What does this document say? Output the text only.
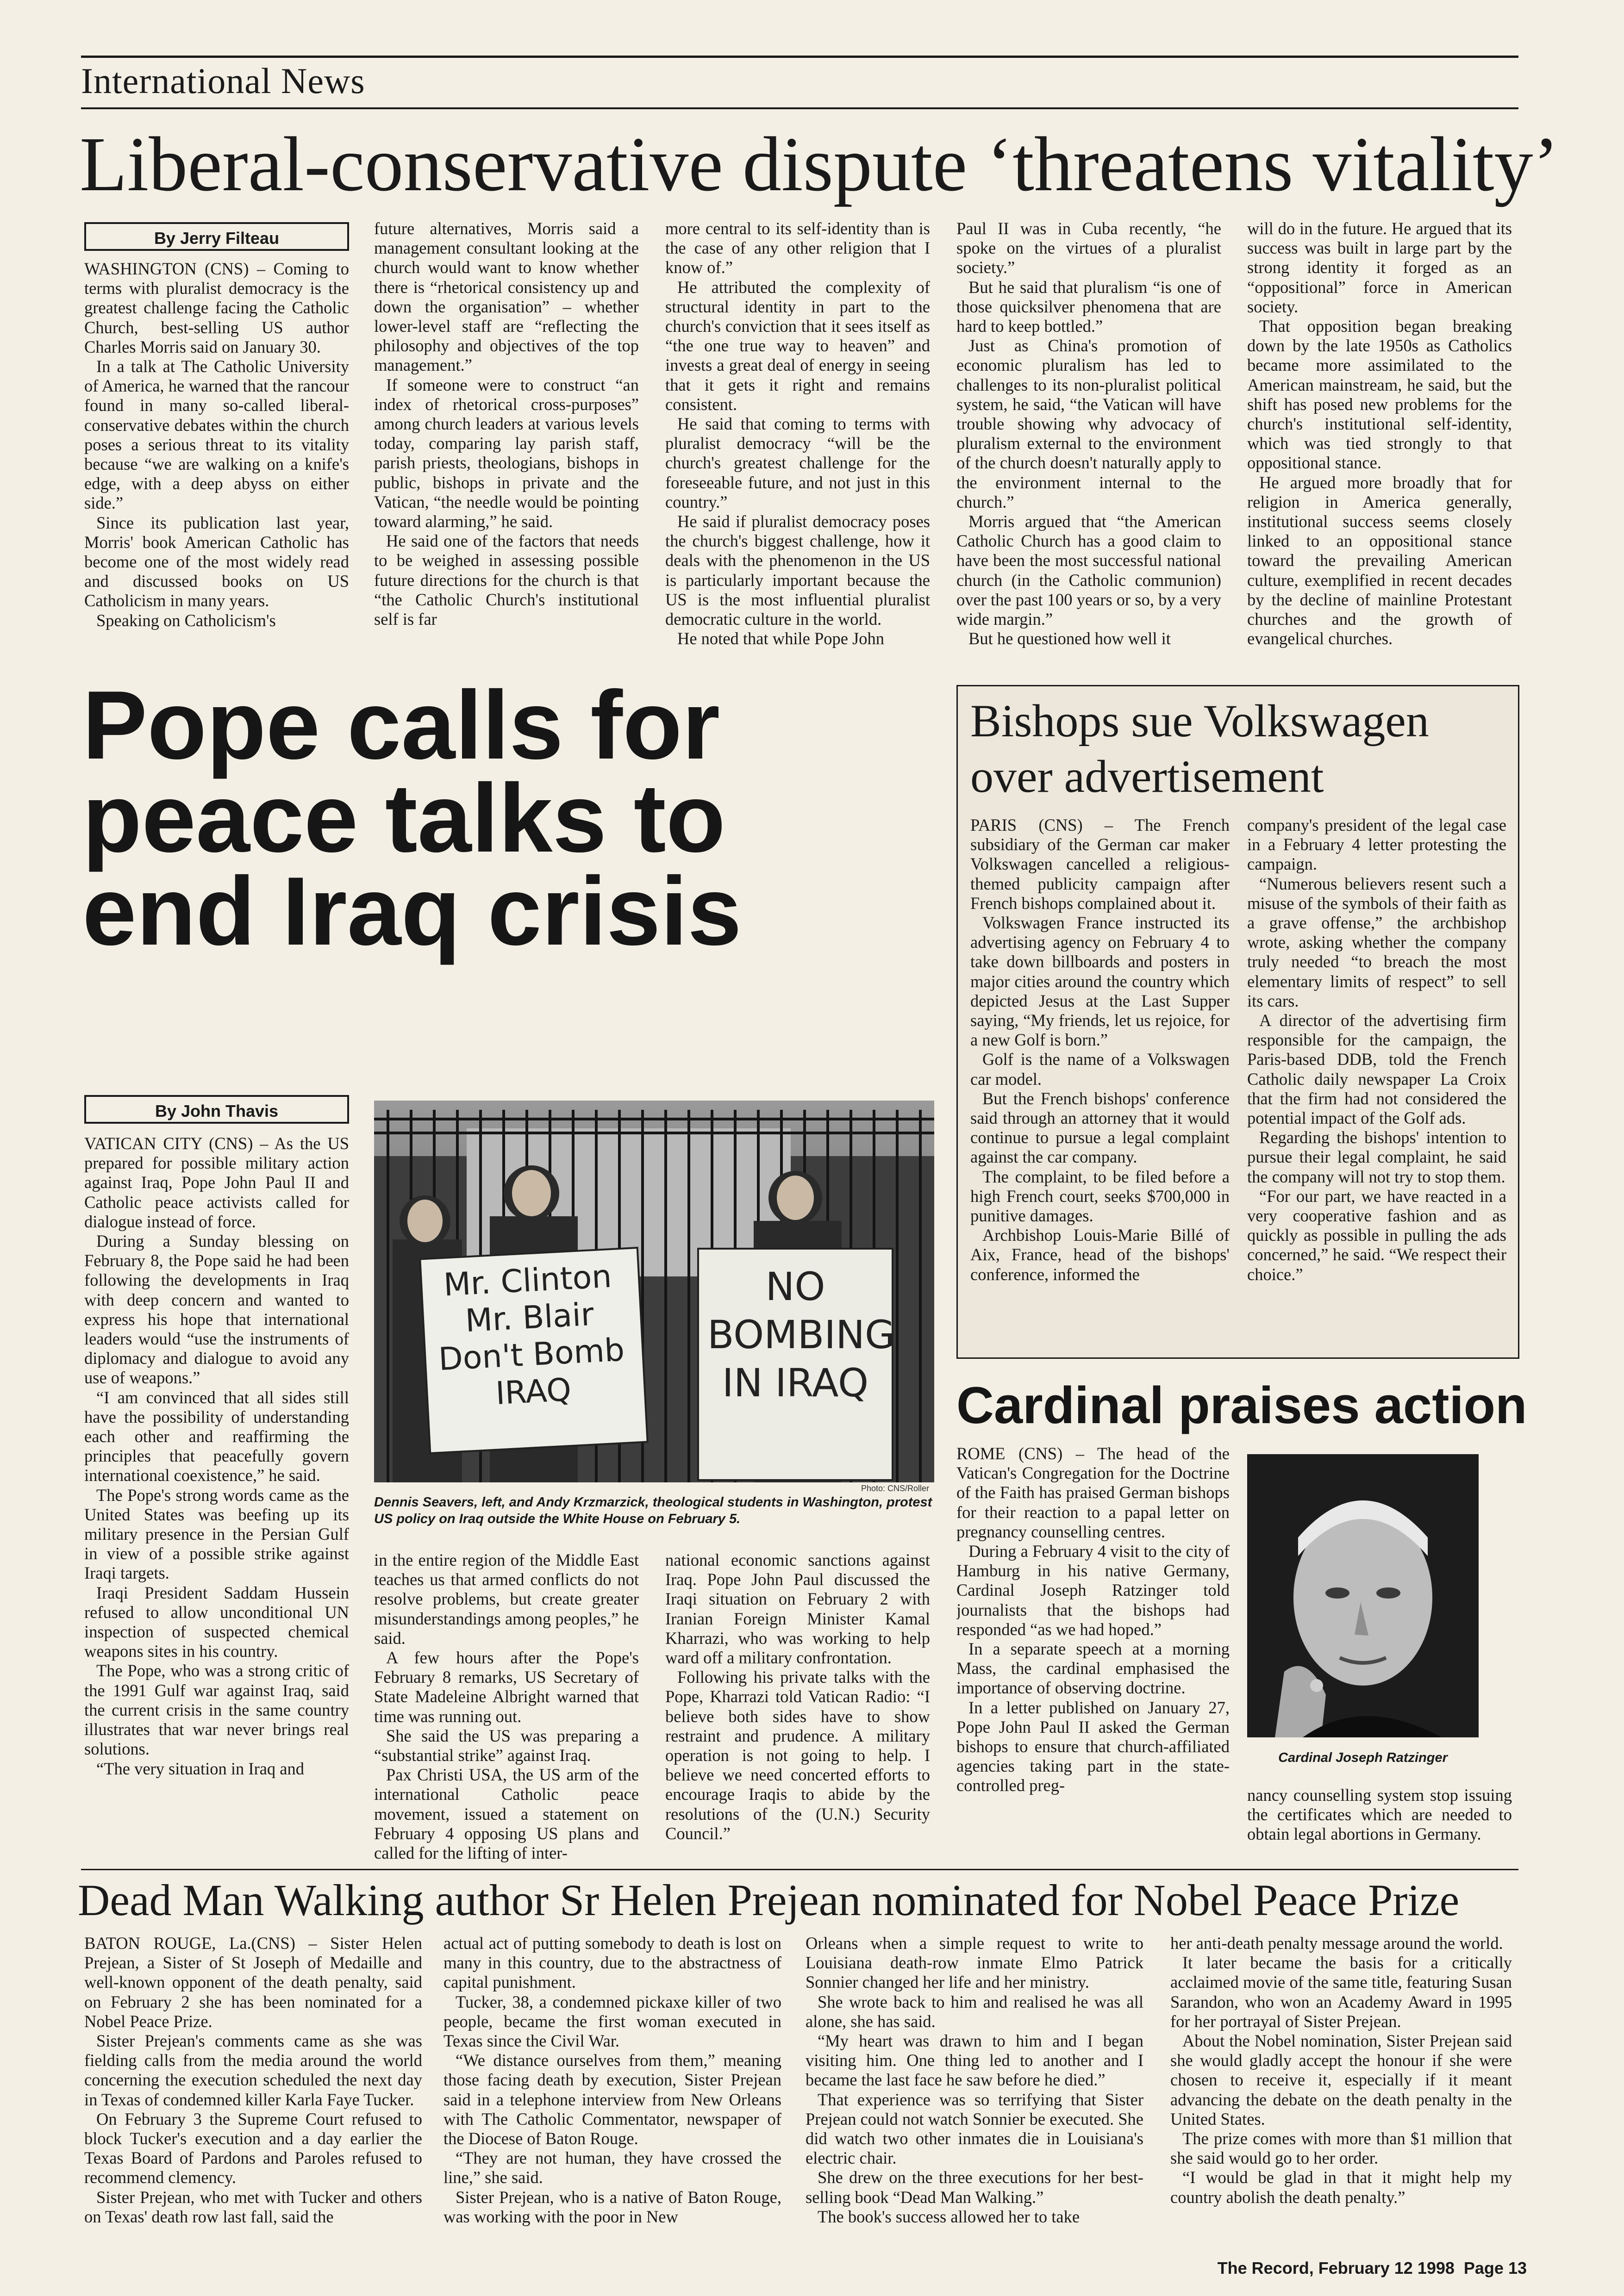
International News
Liberal-conservative dispute ‘threatens vitality’
By Jerry Filteau

WASHINGTON (CNS) – Coming to terms with pluralist democracy is the greatest challenge facing the Catholic Church, best-selling US author Charles Morris said on January 30.

In a talk at The Catholic University of America, he warned that the rancour found in many so-called liberal-conservative debates within the church poses a serious threat to its vitality because “we are walking on a knife's edge, with a deep abyss on either side.”

Since its publication last year, Morris' book American Catholic has become one of the most widely read and discussed books on US Catholicism in many years.

Speaking on Catholicism's

future alternatives, Morris said a management consultant looking at the church would want to know whether there is “rhetorical consistency up and down the organisation” – whether lower-level staff are “reflecting the philosophy and objectives of the top management.”

If someone were to construct “an index of rhetorical cross-purposes” among church leaders at various levels today, comparing lay parish staff, parish priests, theologians, bishops in public, bishops in private and the Vatican, “the needle would be pointing toward alarming,” he said.

He said one of the factors that needs to be weighed in assessing possible future directions for the church is that “the Catholic Church's institutional self is far

more central to its self-identity than is the case of any other religion that I know of.”

He attributed the complexity of structural identity in part to the church's conviction that it sees itself as “the one true way to heaven” and invests a great deal of energy in seeing that it gets it right and remains consistent.

He said that coming to terms with pluralist democracy “will be the church's greatest challenge for the foreseeable future, and not just in this country.”

He said if pluralist democracy poses the church's biggest challenge, how it deals with the phenomenon in the US is particularly important because the US is the most influential pluralist democratic culture in the world.

He noted that while Pope John

Paul II was in Cuba recently, “he spoke on the virtues of a pluralist society.”

But he said that pluralism “is one of those quicksilver phenomena that are hard to keep bottled.”

Just as China's promotion of economic pluralism has led to challenges to its non-pluralist political system, he said, “the Vatican will have trouble showing why advocacy of pluralism external to the environment of the church doesn't naturally apply to the environment internal to the church.”

Morris argued that “the American Catholic Church has a good claim to have been the most successful national church (in the Catholic communion) over the past 100 years or so, by a very wide margin.”

But he questioned how well it

will do in the future. He argued that its success was built in large part by the strong identity it forged as an “oppositional” force in American society.

That opposition began breaking down by the late 1950s as Catholics became more assimilated to the American mainstream, he said, but the shift has posed new problems for the church's institutional self-identity, which was tied strongly to that oppositional stance.

He argued more broadly that for religion in America generally, institutional success seems closely linked to an oppositional stance toward the prevailing American culture, exemplified in recent decades by the decline of mainline Protestant churches and the growth of evangelical churches.

Pope calls for
peace talks to
end Iraq crisis
By John Thavis

VATICAN CITY (CNS) – As the US prepared for possible military action against Iraq, Pope John Paul II and Catholic peace activists called for dialogue instead of force.

During a Sunday blessing on February 8, the Pope said he had been following the developments in Iraq with deep concern and wanted to express his hope that international leaders would “use the instruments of diplomacy and dialogue to avoid any use of weapons.”

“I am convinced that all sides still have the possibility of understanding each other and reaffirming the principles that peacefully govern international coexistence,” he said.

The Pope's strong words came as the United States was beefing up its military presence in the Persian Gulf in view of a possible strike against Iraqi targets.

Iraqi President Saddam Hussein refused to allow unconditional UN inspection of suspected chemical weapons sites in his country.

The Pope, who was a strong critic of the 1991 Gulf war against Iraq, said the current crisis in the same country illustrates that war never brings real solutions.

“The very situation in Iraq and

Mr. Clinton Mr. Blair Don't Bomb IRAQ
NO BOMBING IN IRAQ
Photo: CNS/Roller
Dennis Seavers, left, and Andy Krzmarzick, theological students in Washington, protest US policy on Iraq outside the White House on February 5.

in the entire region of the Middle East teaches us that armed conflicts do not resolve problems, but create greater misunderstandings among peoples,” he said.

A few hours after the Pope's February 8 remarks, US Secretary of State Madeleine Albright warned that time was running out.

She said the US was preparing a “substantial strike” against Iraq.

Pax Christi USA, the US arm of the international Catholic peace movement, issued a statement on February 4 opposing US plans and called for the lifting of inter-

national economic sanctions against Iraq. Pope John Paul discussed the Iraqi situation on February 2 with Iranian Foreign Minister Kamal Kharrazi, who was working to help ward off a military confrontation.

Following his private talks with the Pope, Kharrazi told Vatican Radio: “I believe both sides have to show restraint and prudence. A military operation is not going to help. I believe we need concerted efforts to encourage Iraqis to abide by the resolutions of the (U.N.) Security Council.”

Bishops sue Volkswagen
over advertisement

PARIS (CNS) – The French subsidiary of the German car maker Volkswagen cancelled a religious-themed publicity campaign after French bishops complained about it.

Volkswagen France instructed its advertising agency on February 4 to take down billboards and posters in major cities around the country which depicted Jesus at the Last Supper saying, “My friends, let us rejoice, for a new Golf is born.”

Golf is the name of a Volkswagen car model.

But the French bishops' conference said through an attorney that it would continue to pursue a legal complaint against the car company.

The complaint, to be filed before a high French court, seeks $700,000 in punitive damages.

Archbishop Louis-Marie Billé of Aix, France, head of the bishops' conference, informed the

company's president of the legal case in a February 4 letter protesting the campaign.

“Numerous believers resent such a misuse of the symbols of their faith as a grave offense,” the archbishop wrote, asking whether the company truly needed “to breach the most elementary limits of respect” to sell its cars.

A director of the advertising firm responsible for the campaign, the Paris-based DDB, told the French Catholic daily newspaper La Croix that the firm had not considered the potential impact of the Golf ads.

Regarding the bishops' intention to pursue their legal complaint, he said the company will not try to stop them.

“For our part, we have reacted in a very cooperative fashion and as quickly as possible in pulling the ads concerned,” he said. “We respect their choice.”

Cardinal praises action

ROME (CNS) – The head of the Vatican's Congregation for the Doctrine of the Faith has praised German bishops for their reaction to a papal letter on pregnancy counselling centres.

During a February 4 visit to the city of Hamburg in his native Germany, Cardinal Joseph Ratzinger told journalists that the bishops had responded “as we had hoped.”

In a separate speech at a morning Mass, the cardinal emphasised the importance of observing doctrine.

In a letter published on January 27, Pope John Paul II asked the German bishops to ensure that church-affiliated agencies taking part in the state-controlled preg-

Cardinal Joseph Ratzinger

nancy counselling system stop issuing the certificates which are needed to obtain legal abortions in Germany.

Dead Man Walking author Sr Helen Prejean nominated for Nobel Peace Prize

BATON ROUGE, La.(CNS) – Sister Helen Prejean, a Sister of St Joseph of Medaille and well-known opponent of the death penalty, said on February 2 she has been nominated for a Nobel Peace Prize.

Sister Prejean's comments came as she was fielding calls from the media around the world concerning the execution scheduled the next day in Texas of condemned killer Karla Faye Tucker.

On February 3 the Supreme Court refused to block Tucker's execution and a day earlier the Texas Board of Pardons and Paroles refused to recommend clemency.

Sister Prejean, who met with Tucker and others on Texas' death row last fall, said the

actual act of putting somebody to death is lost on many in this country, due to the abstractness of capital punishment.

Tucker, 38, a condemned pickaxe killer of two people, became the first woman executed in Texas since the Civil War.

“We distance ourselves from them,” meaning those facing death by execution, Sister Prejean said in a telephone interview from New Orleans with The Catholic Commentator, newspaper of the Diocese of Baton Rouge.

“They are not human, they have crossed the line,” she said.

Sister Prejean, who is a native of Baton Rouge, was working with the poor in New

Orleans when a simple request to write to Louisiana death-row inmate Elmo Patrick Sonnier changed her life and her ministry.

She wrote back to him and realised he was all alone, she has said.

“My heart was drawn to him and I began visiting him. One thing led to another and I became the last face he saw before he died.”

That experience was so terrifying that Sister Prejean could not watch Sonnier be executed. She did watch two other inmates die in Louisiana's electric chair.

She drew on the three executions for her best-selling book “Dead Man Walking.”

The book's success allowed her to take

her anti-death penalty message around the world.

It later became the basis for a critically acclaimed movie of the same title, featuring Susan Sarandon, who won an Academy Award in 1995 for her portrayal of Sister Prejean.

About the Nobel nomination, Sister Prejean said she would gladly accept the honour if she were chosen to receive it, especially if it meant advancing the debate on the death penalty in the United States.

The prize comes with more than $1 million that she said would go to her order.

“I would be glad in that it might help my country abolish the death penalty.”

The Record, February 12 1998  Page 13
